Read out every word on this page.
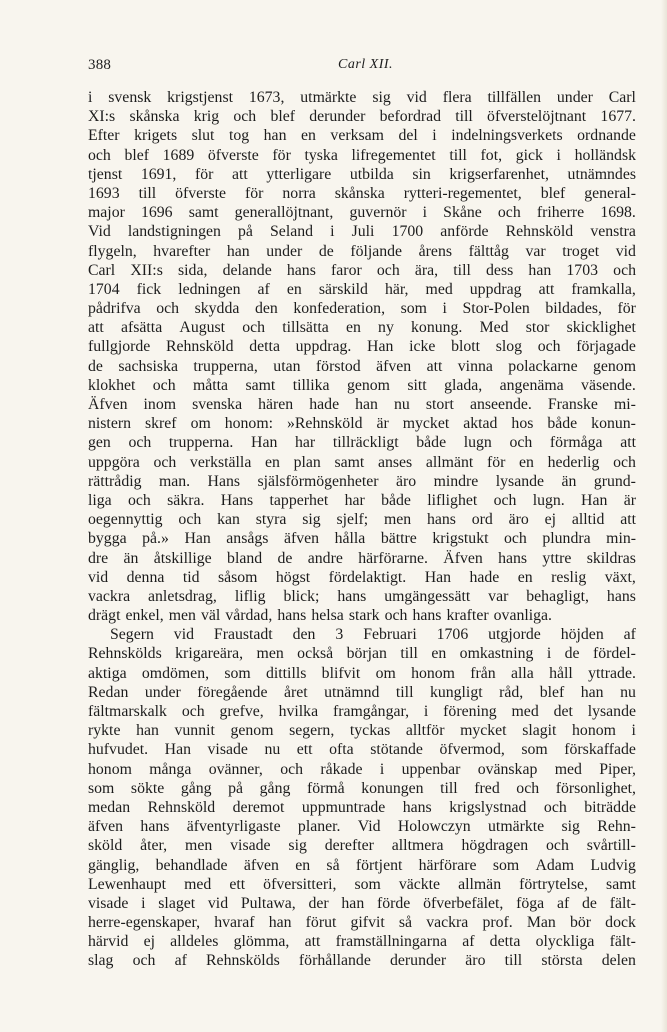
388	Carl XII.
i svensk krigstjenst 1673, utmärkte sig vid flera tillfällen under Carl
XI:s skånska krig och blef derunder befordrad till öfverstelöjtnant 1677.
Efter krigets slut tog han en verksam del i indelningsverkets ordnande
och blef 1689 öfverste för tyska lifregementet till fot, gick i holländsk
tjenst 1691, för att ytterligare utbilda sin krigserfarenhet, utnämndes
1693 till öfverste för norra skånska rytteri-regementet, blef general-
major 1696 samt generallöjtnant, guvernör i Skåne och friherre 1698.
Vid landstigningen på Seland i Juli 1700 anförde Rehnsköld venstra
flygeln, hvarefter han under de följande årens fälttåg var troget vid
Carl XII:s sida, delande hans faror och ära, till dess han 1703 och
1704 fick ledningen af en särskild här, med uppdrag att framkalla,
pådrifva och skydda den konfederation, som i Stor-Polen bildades, för
att afsätta August och tillsätta en ny konung. Med stor skicklighet
fullgjorde Rehnsköld detta uppdrag. Han icke blott slog och förjagade
de sachsiska trupperna, utan förstod äfven att vinna polackarne genom
klokhet och måtta samt tillika genom sitt glada, angenäma väsende.
Äfven inom svenska hären hade han nu stort anseende. Franske mi-
nistern skref om honom: »Rehnsköld är mycket aktad hos både konun-
gen och trupperna. Han har tillräckligt både lugn och förmåga att
uppgöra och verkställa en plan samt anses allmänt för en hederlig och
rättrådig man. Hans själsförmögenheter äro mindre lysande än grund-
liga och säkra. Hans tapperhet har både liflighet och lugn. Han är
oegennyttig och kan styra sig sjelf; men hans ord äro ej alltid att
bygga på.» Han ansågs äfven hålla bättre krigstukt och plundra min-
dre än åtskillige bland de andre härförarne. Äfven hans yttre skildras
vid denna tid såsom högst fördelaktigt. Han hade en reslig växt,
vackra anletsdrag, liflig blick; hans umgängessätt var behagligt, hans
drägt enkel, men väl vårdad, hans helsa stark och hans krafter ovanliga.
Segern vid Fraustadt den 3 Februari 1706 utgjorde höjden af
Rehnskölds krigareära, men också början till en omkastning i de fördel-
aktiga omdömen, som dittills blifvit om honom från alla håll yttrade.
Redan under föregående året utnämnd till kungligt råd, blef han nu
fältmarskalk och grefve, hvilka framgångar, i förening med det lysande
rykte han vunnit genom segern, tyckas alltför mycket slagit honom i
hufvudet. Han visade nu ett ofta stötande öfvermod, som förskaffade
honom många ovänner, och råkade i uppenbar ovänskap med Piper,
som sökte gång på gång förmå konungen till fred och försonlighet,
medan Rehnsköld deremot uppmuntrade hans krigslystnad och biträdde
äfven hans äfventyrligaste planer. Vid Holowczyn utmärkte sig Rehn-
sköld åter, men visade sig derefter alltmera högdragen och svårtill-
gänglig, behandlade äfven en så förtjent härförare som Adam Ludvig
Lewenhaupt med ett öfversitteri, som väckte allmän förtrytelse, samt
visade i slaget vid Pultawa, der han förde öfverbefälet, föga af de fält-
herre-egenskaper, hvaraf han förut gifvit så vackra prof. Man bör dock
härvid ej alldeles glömma, att framställningarna af detta olyckliga fält-
slag och af Rehnskölds förhållande derunder äro till största delen
